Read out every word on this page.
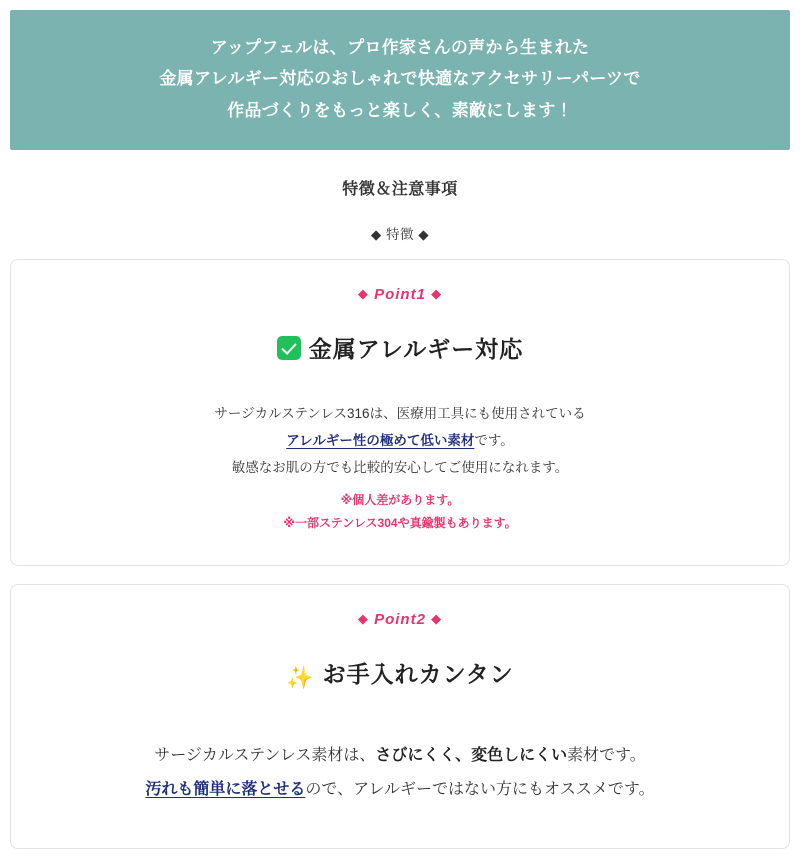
アップフェルは、プロ作家さんの声から生まれた
金属アレルギー対応のおしゃれで快適なアクセサリーパーツで
作品づくりをもっと楽しく、素敵にします！
特徴＆注意事項
◆ 特徴 ◆
◆ Point1 ◆
金属アレルギー対応
サージカルステンレス316は、医療用工具にも使用されている
アレルギー性の極めて低い素材です。
敏感なお肌の方でも比較的安心してご使用になれます。
※個人差があります。
※一部ステンレス304や真鍮製もあります。
◆ Point2 ◆
✨ お手入れカンタン
サージカルステンレス素材は、さびにくく、変色しにくい素材です。
汚れも簡単に落とせるので、アレルギーではない方にもオススメです。
